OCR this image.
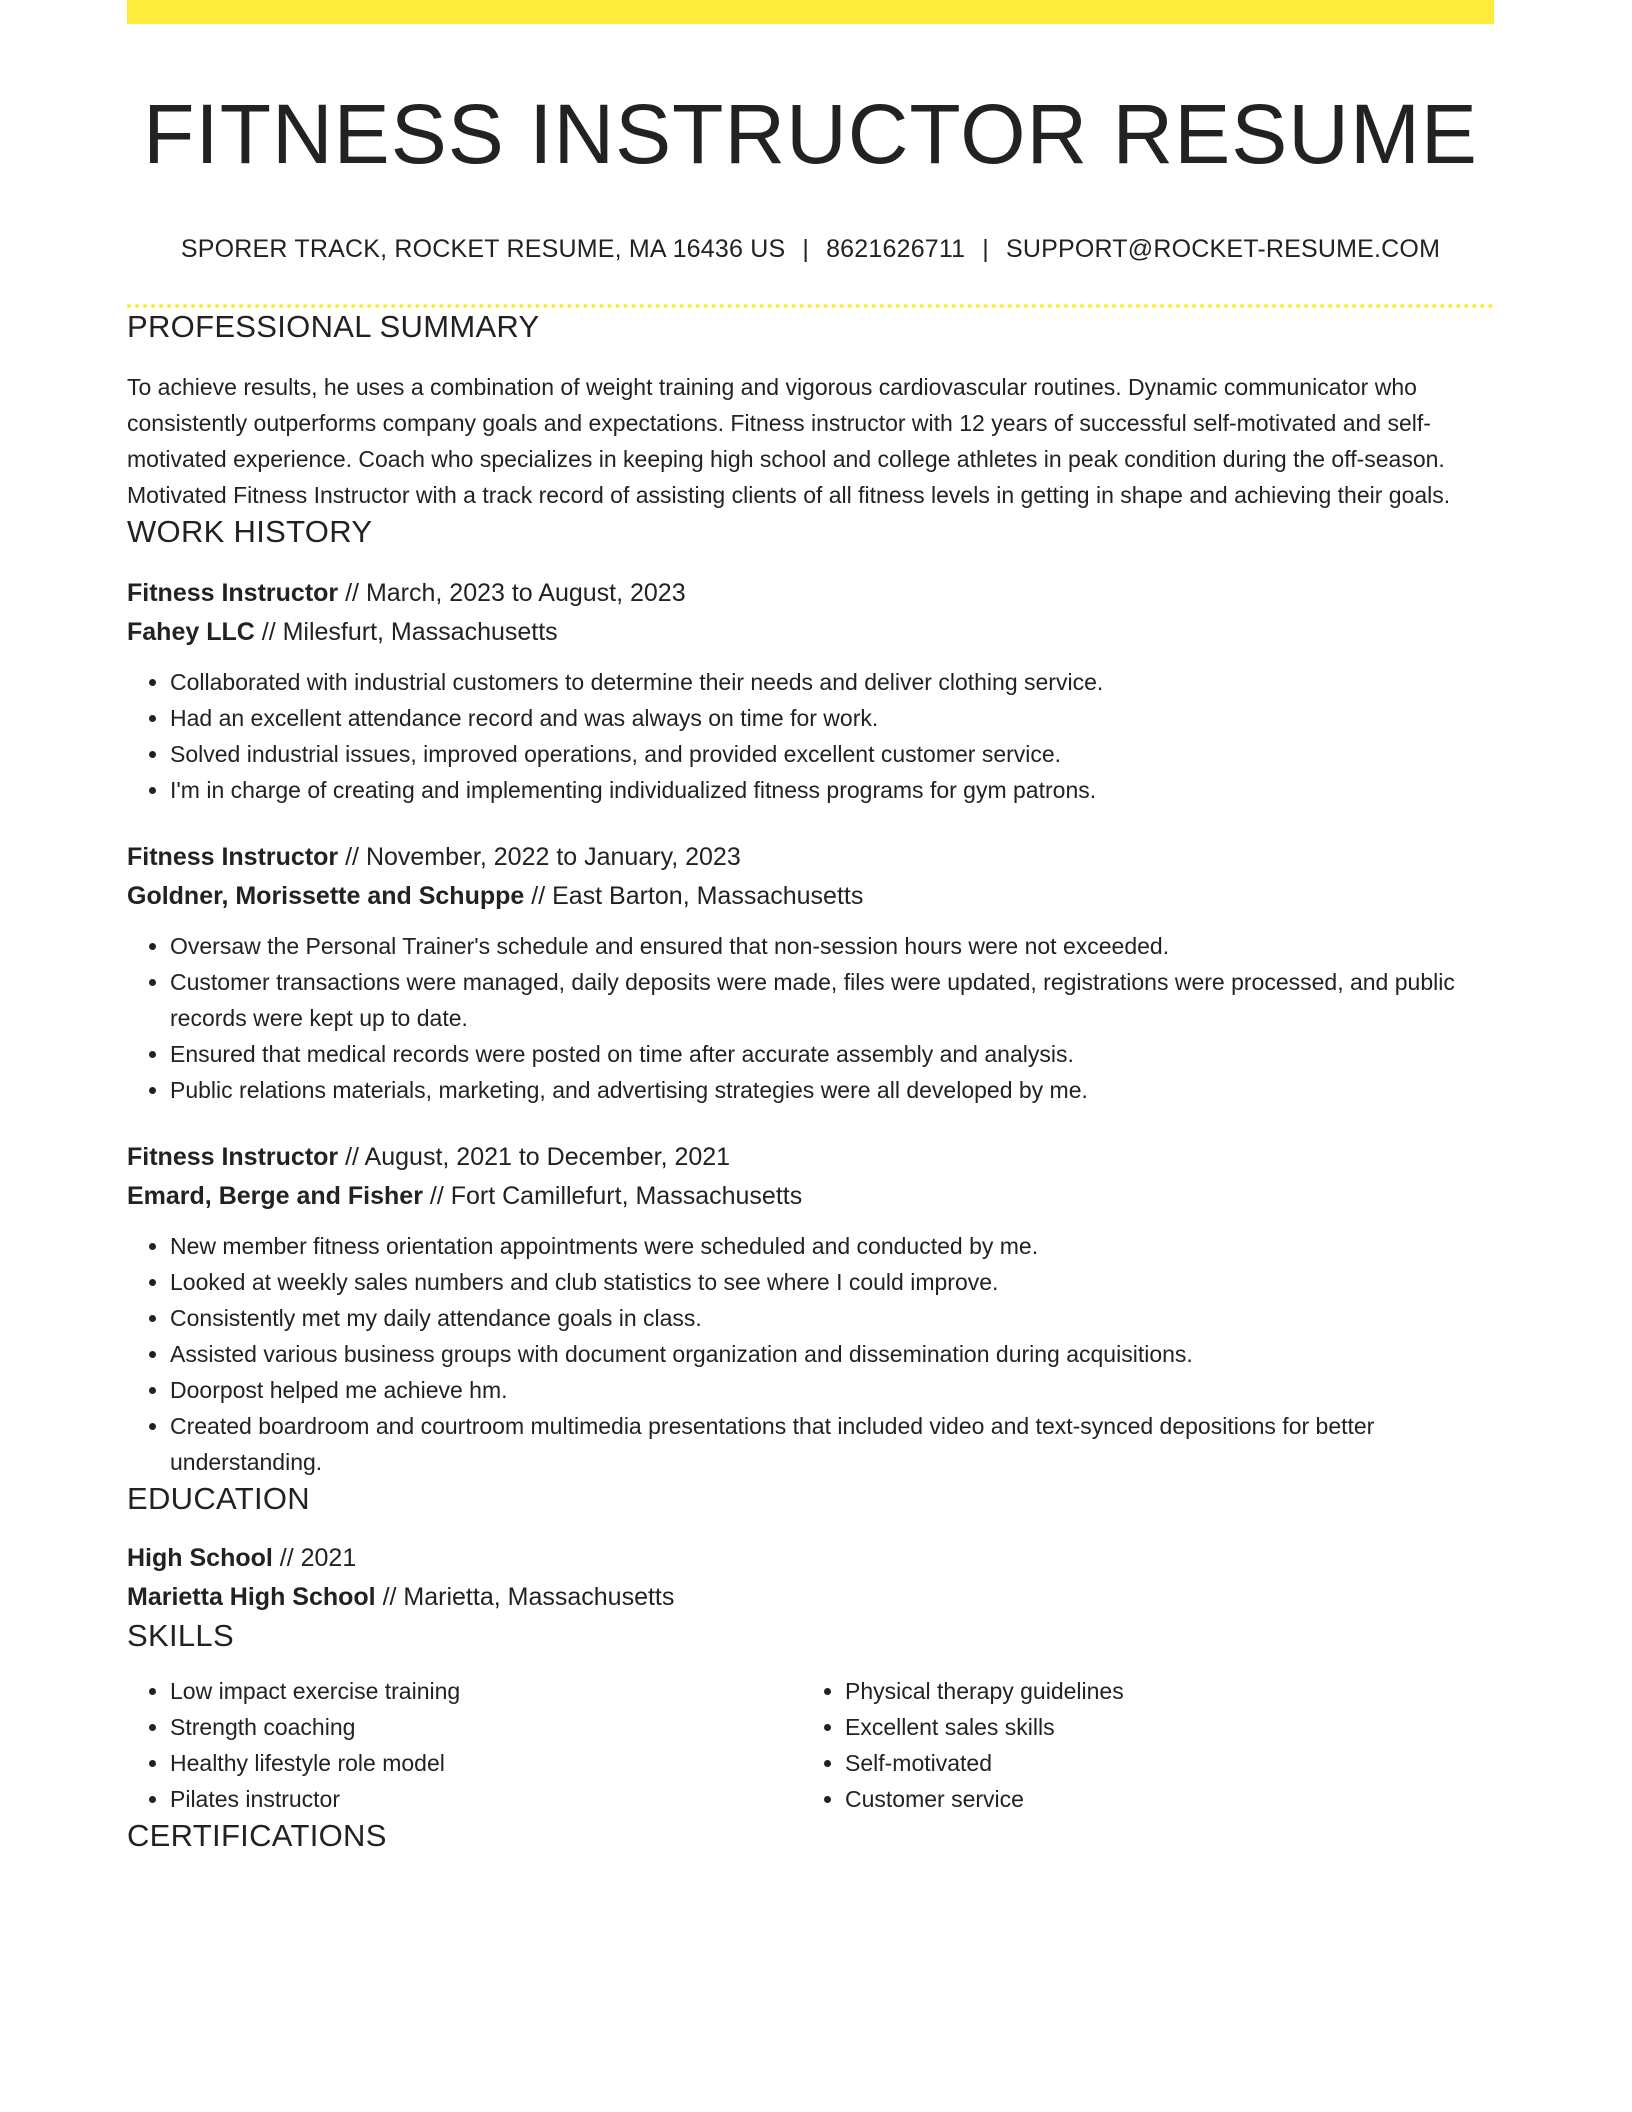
FITNESS INSTRUCTOR RESUME
SPORER TRACK, ROCKET RESUME, MA 16436 US | 8621626711 | SUPPORT@ROCKET-RESUME.COM
PROFESSIONAL SUMMARY
To achieve results, he uses a combination of weight training and vigorous cardiovascular routines. Dynamic communicator who consistently outperforms company goals and expectations. Fitness instructor with 12 years of successful self-motivated and self-motivated experience. Coach who specializes in keeping high school and college athletes in peak condition during the off-season. Motivated Fitness Instructor with a track record of assisting clients of all fitness levels in getting in shape and achieving their goals.
WORK HISTORY
Fitness Instructor // March, 2023 to August, 2023
Fahey LLC // Milesfurt, Massachusetts
• Collaborated with industrial customers to determine their needs and deliver clothing service.
• Had an excellent attendance record and was always on time for work.
• Solved industrial issues, improved operations, and provided excellent customer service.
• I'm in charge of creating and implementing individualized fitness programs for gym patrons.
Fitness Instructor // November, 2022 to January, 2023
Goldner, Morissette and Schuppe // East Barton, Massachusetts
• Oversaw the Personal Trainer's schedule and ensured that non-session hours were not exceeded.
• Customer transactions were managed, daily deposits were made, files were updated, registrations were processed, and public records were kept up to date.
• Ensured that medical records were posted on time after accurate assembly and analysis.
• Public relations materials, marketing, and advertising strategies were all developed by me.
Fitness Instructor // August, 2021 to December, 2021
Emard, Berge and Fisher // Fort Camillefurt, Massachusetts
• New member fitness orientation appointments were scheduled and conducted by me.
• Looked at weekly sales numbers and club statistics to see where I could improve.
• Consistently met my daily attendance goals in class.
• Assisted various business groups with document organization and dissemination during acquisitions.
• Doorpost helped me achieve hm.
• Created boardroom and courtroom multimedia presentations that included video and text-synced depositions for better understanding.
EDUCATION
High School // 2021
Marietta High School // Marietta, Massachusetts
SKILLS
• Low impact exercise training
• Strength coaching
• Healthy lifestyle role model
• Pilates instructor
• Physical therapy guidelines
• Excellent sales skills
• Self-motivated
• Customer service
CERTIFICATIONS
